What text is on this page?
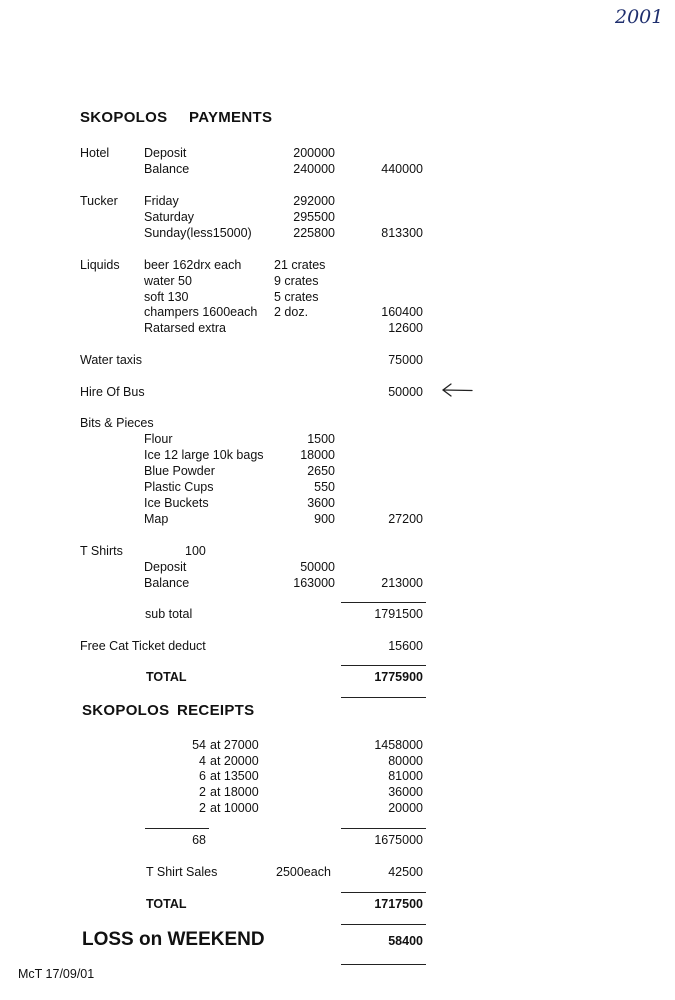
2001
SKOPOLOS PAYMENTS
Hotel	Deposit	200000
Balance	240000	440000
Tucker Friday	292000
Saturday	295500
Sunday(less15000)	225800	813300
Liquids beer 162drx each	21 crates
water 50	9 crates
soft 130	5 crates
champers 1600each 2 doz.	160400
Ratarsed extra	12600
Water taxis	75000
Hire Of Bus	50000
Bits & Pieces
Flour	1500
Ice 12 large 10k bags	18000
Blue Powder	2650
Plastic Cups	550
Ice Buckets	3600
Map	900	27200
T Shirts	100
Deposit	50000
Balance	163000	213000
sub total	1791500
Free Cat Ticket deduct	15600
TOTAL	1775900
SKOPOLOS RECEIPTS
54 at 27000	1458000
4 at 20000	80000
6 at 13500	81000
2 at 18000	36000
2 at 10000	20000
68	1675000
T Shirt Sales	2500each	42500
TOTAL	1717500
LOSS on WEEKEND	58400
McT 17/09/01
